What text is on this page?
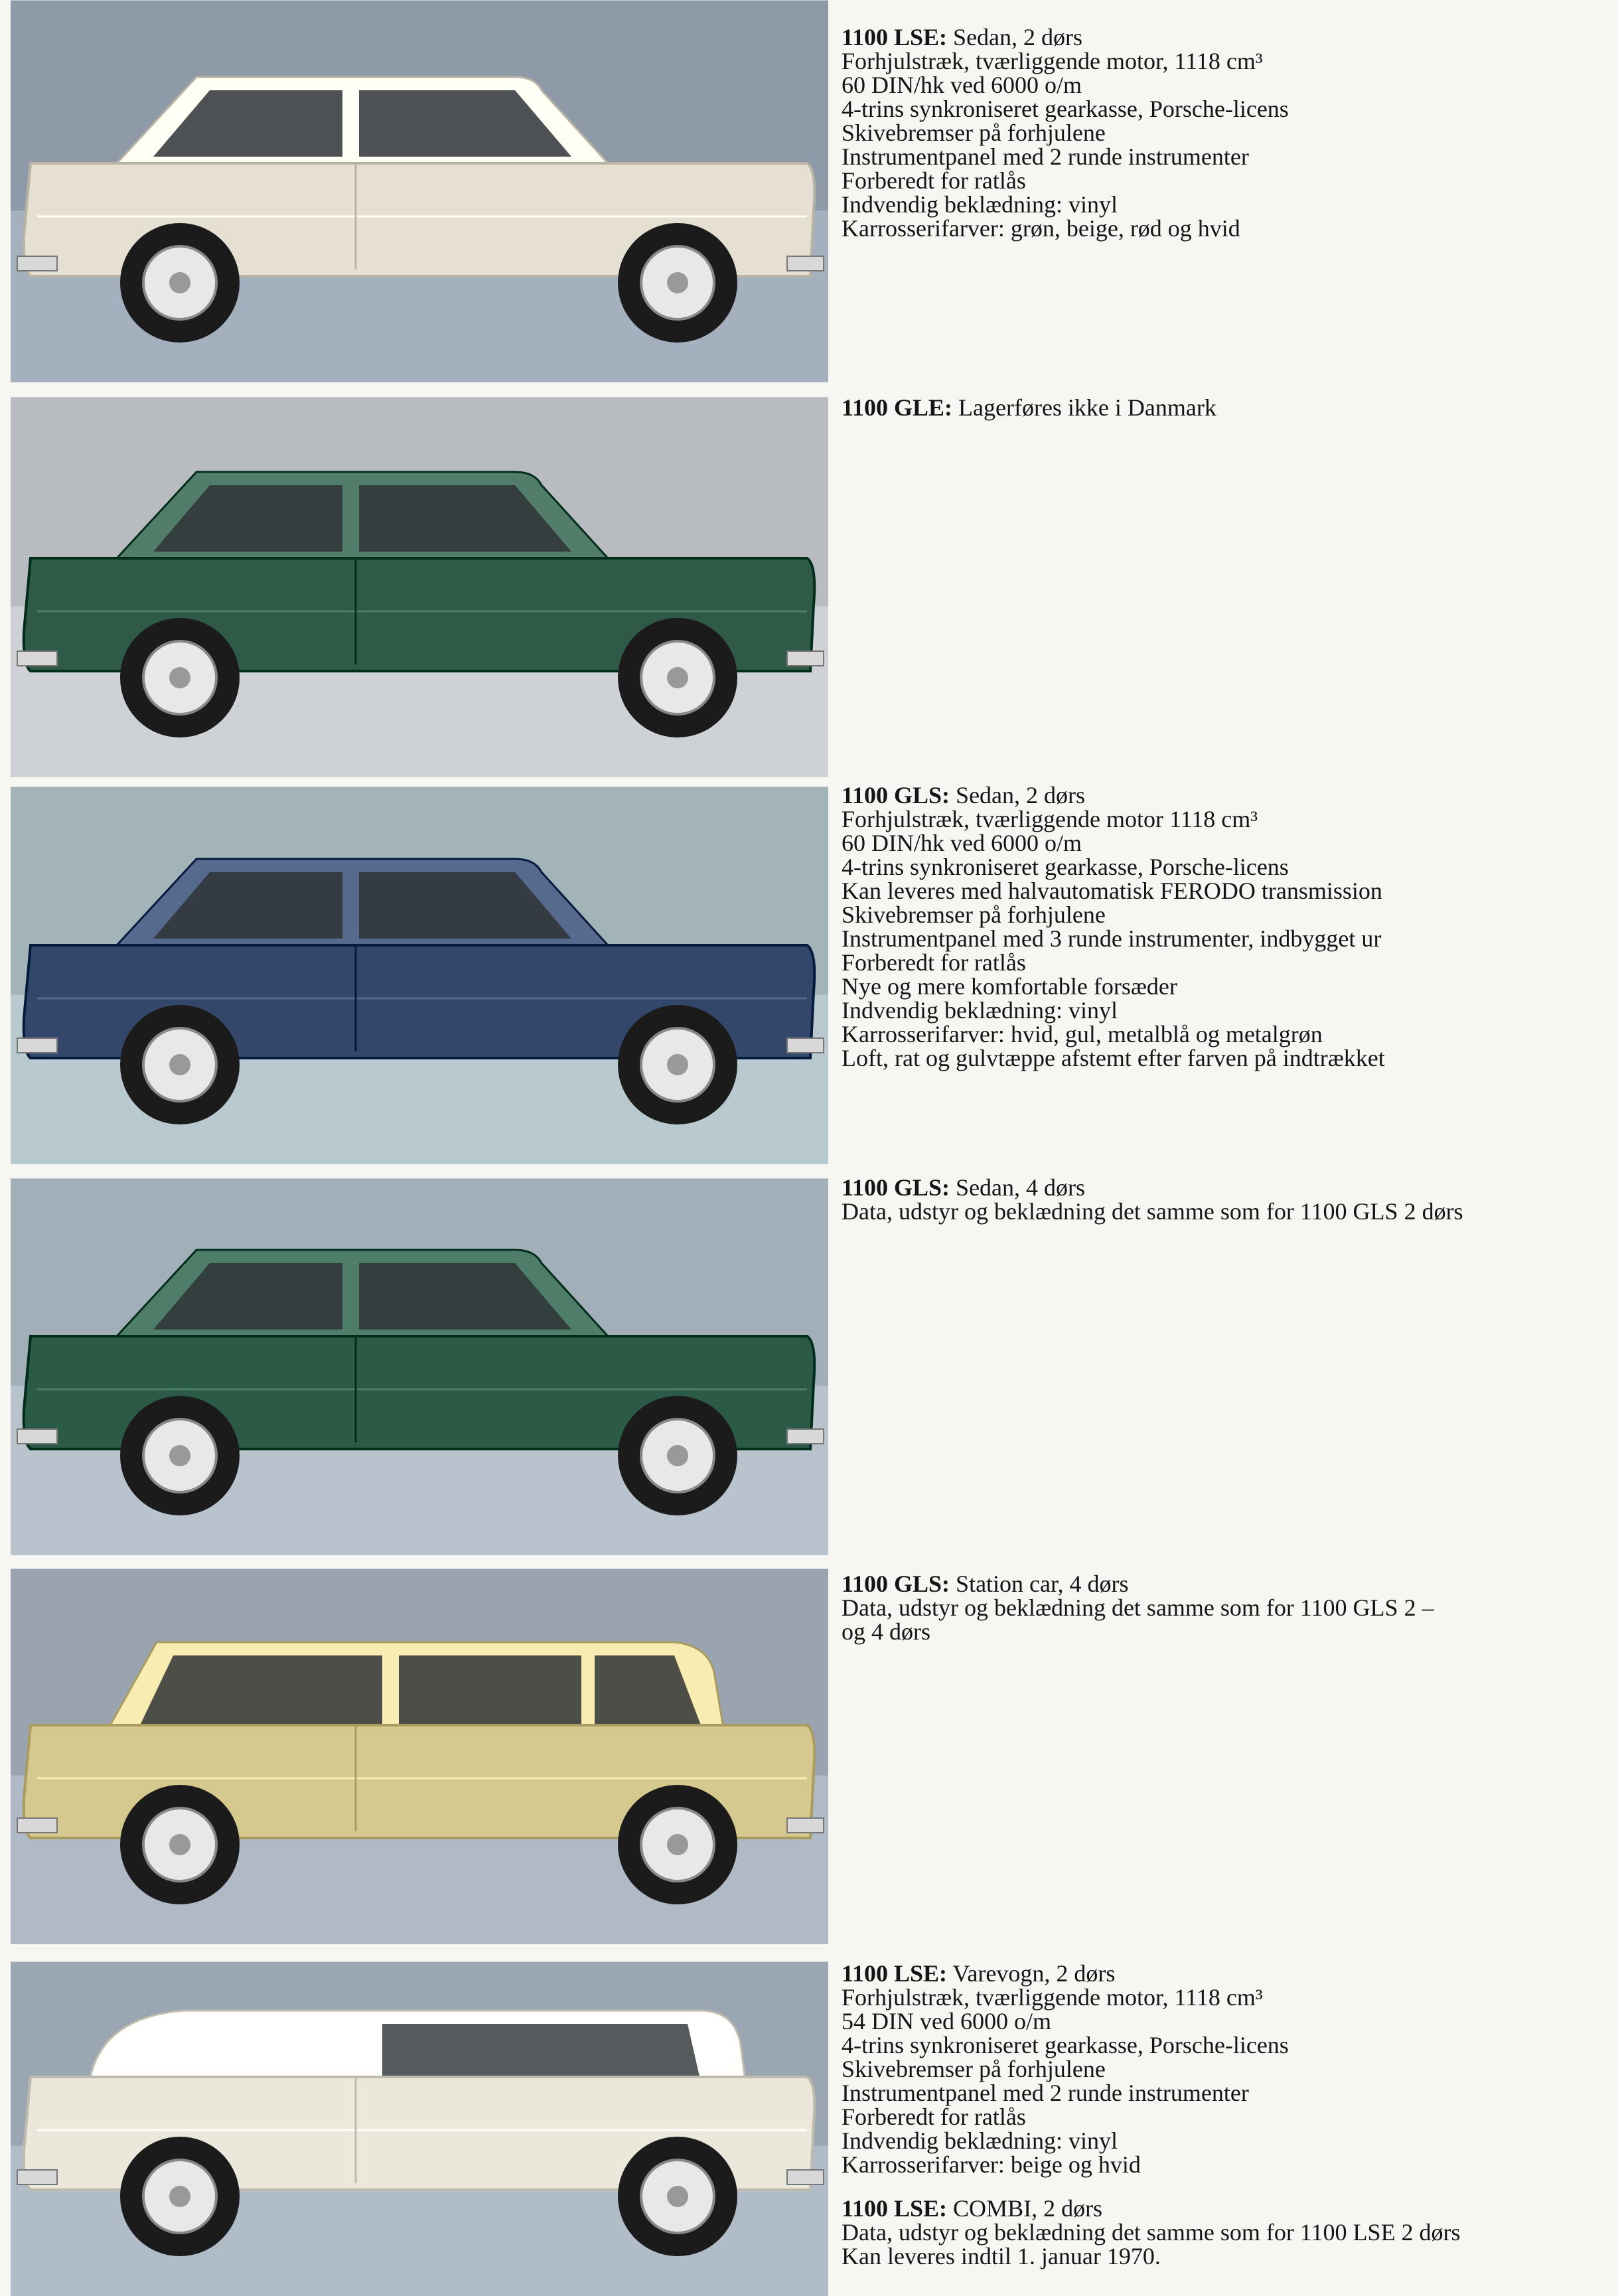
1100 LSE: Sedan, 2 dørs
Forhjulstræk, tværliggende motor, 1118 cm³
60 DIN/hk ved 6000 o/m
4-trins synkroniseret gearkasse, Porsche-licens
Skivebremser på forhjulene
Instrumentpanel med 2 runde instrumenter
Forberedt for ratlås
Indvendig beklædning: vinyl
Karrosserifarver: grøn, beige, rød og hvid
1100 GLE: Lagerføres ikke i Danmark
1100 GLS: Sedan, 2 dørs
Forhjulstræk, tværliggende motor 1118 cm³
60 DIN/hk ved 6000 o/m
4-trins synkroniseret gearkasse, Porsche-licens
Kan leveres med halvautomatisk FERODO transmission
Skivebremser på forhjulene
Instrumentpanel med 3 runde instrumenter, indbygget ur
Forberedt for ratlås
Nye og mere komfortable forsæder
Indvendig beklædning: vinyl
Karrosserifarver: hvid, gul, metalblå og metalgrøn
Loft, rat og gulvtæppe afstemt efter farven på indtrækket
1100 GLS: Sedan, 4 dørs
Data, udstyr og beklædning det samme som for 1100 GLS 2 dørs
1100 GLS: Station car, 4 dørs
Data, udstyr og beklædning det samme som for 1100 GLS 2 –
og 4 dørs
1100 LSE: Varevogn, 2 dørs
Forhjulstræk, tværliggende motor, 1118 cm³
54 DIN ved 6000 o/m
4-trins synkroniseret gearkasse, Porsche-licens
Skivebremser på forhjulene
Instrumentpanel med 2 runde instrumenter
Forberedt for ratlås
Indvendig beklædning: vinyl
Karrosserifarver: beige og hvid
1100 LSE: COMBI, 2 dørs
Data, udstyr og beklædning det samme som for 1100 LSE 2 dørs
Kan leveres indtil 1. januar 1970.
